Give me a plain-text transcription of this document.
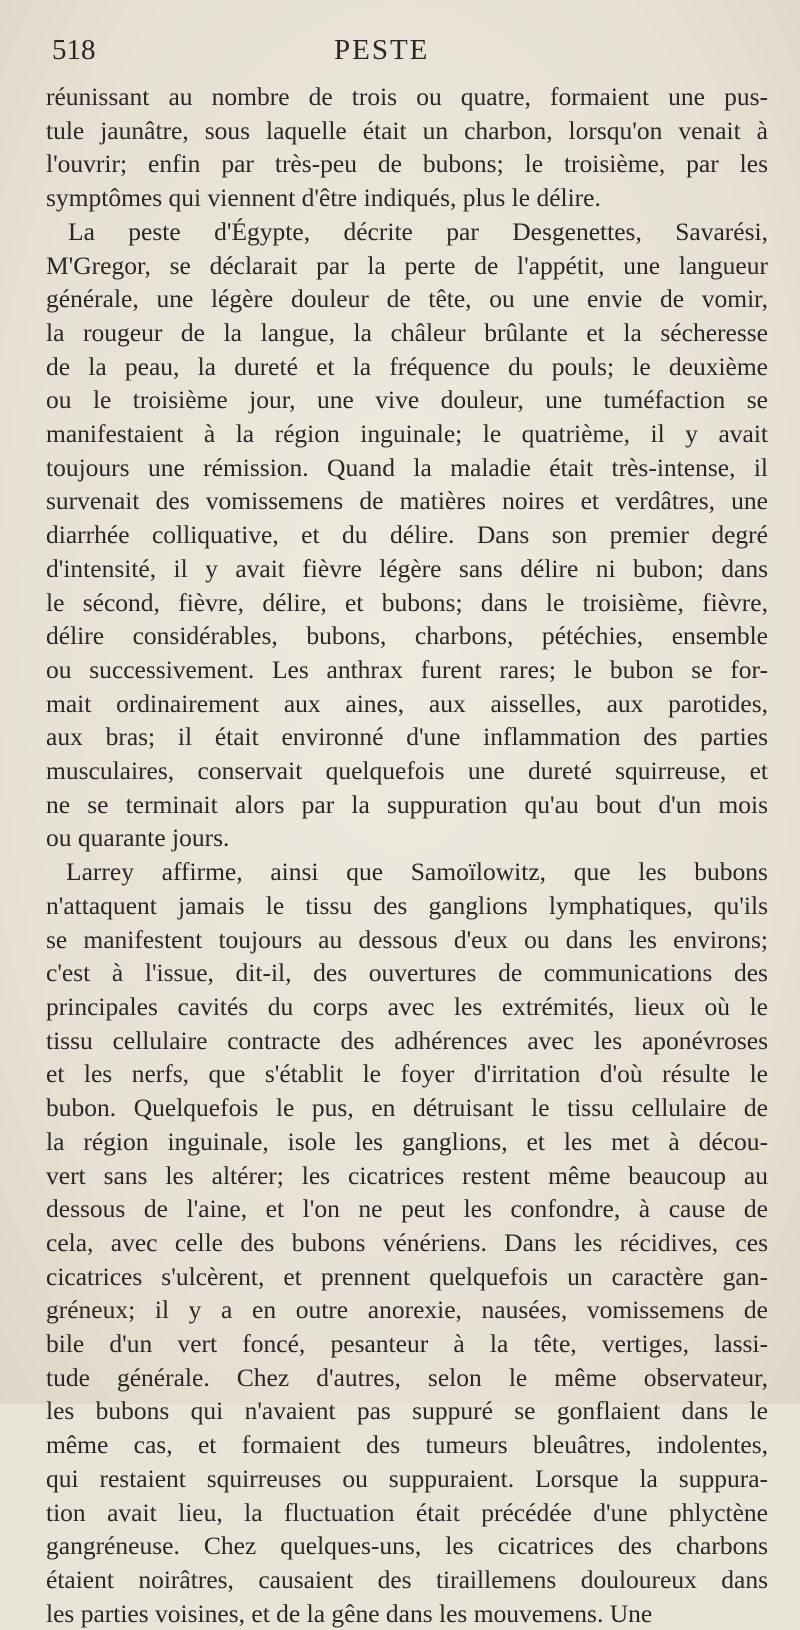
518	PESTE
réunissant au nombre de trois ou quatre, formaient une pus-
tule jaunâtre, sous laquelle était un charbon, lorsqu'on venait à
l'ouvrir; enfin par très-peu de bubons; le troisième, par les
symptômes qui viennent d'être indiqués, plus le délire.
La peste d'Égypte, décrite par Desgenettes, Savarési,
M'Gregor, se déclarait par la perte de l'appétit, une langueur
générale, une légère douleur de tête, ou une envie de vomir,
la rougeur de la langue, la châleur brûlante et la sécheresse
de la peau, la dureté et la fréquence du pouls; le deuxième
ou le troisième jour, une vive douleur, une tuméfaction se
manifestaient à la région inguinale; le quatrième, il y avait
toujours une rémission. Quand la maladie était très-intense, il
survenait des vomissemens de matières noires et verdâtres, une
diarrhée colliquative, et du délire. Dans son premier degré
d'intensité, il y avait fièvre légère sans délire ni bubon; dans
le sécond, fièvre, délire, et bubons; dans le troisième, fièvre,
délire considérables, bubons, charbons, pétéchies, ensemble
ou successivement. Les anthrax furent rares; le bubon se for-
mait ordinairement aux aines, aux aisselles, aux parotides,
aux bras; il était environné d'une inflammation des parties
musculaires, conservait quelquefois une dureté squirreuse, et
ne se terminait alors par la suppuration qu'au bout d'un mois
ou quarante jours.
Larrey affirme, ainsi que Samoïlowitz, que les bubons
n'attaquent jamais le tissu des ganglions lymphatiques, qu'ils
se manifestent toujours au dessous d'eux ou dans les environs;
c'est à l'issue, dit-il, des ouvertures de communications des
principales cavités du corps avec les extrémités, lieux où le
tissu cellulaire contracte des adhérences avec les aponévroses
et les nerfs, que s'établit le foyer d'irritation d'où résulte le
bubon. Quelquefois le pus, en détruisant le tissu cellulaire de
la région inguinale, isole les ganglions, et les met à décou-
vert sans les altérer; les cicatrices restent même beaucoup au
dessous de l'aine, et l'on ne peut les confondre, à cause de
cela, avec celle des bubons vénériens. Dans les récidives, ces
cicatrices s'ulcèrent, et prennent quelquefois un caractère gan-
gréneux; il y a en outre anorexie, nausées, vomissemens de
bile d'un vert foncé, pesanteur à la tête, vertiges, lassi-
tude générale. Chez d'autres, selon le même observateur,
les bubons qui n'avaient pas suppuré se gonflaient dans le
même cas, et formaient des tumeurs bleuâtres, indolentes,
qui restaient squirreuses ou suppuraient. Lorsque la suppura-
tion avait lieu, la fluctuation était précédée d'une phlyctène
gangréneuse. Chez quelques-uns, les cicatrices des charbons
étaient noirâtres, causaient des tiraillemens douloureux dans
les parties voisines, et de la gêne dans les mouvemens. Une
